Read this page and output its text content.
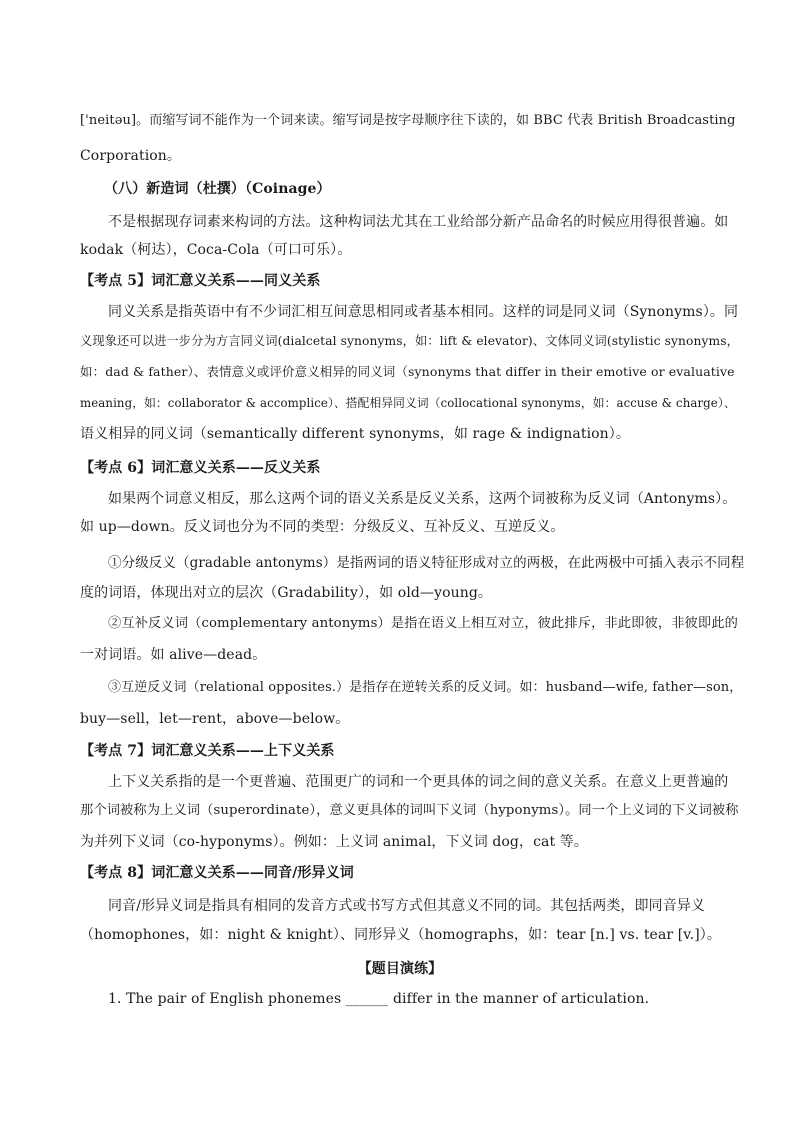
['neitəu]。而缩写词不能作为一个词来读。缩写词是按字母顺序往下读的，如 BBC 代表 British Broadcasting
Corporation。
（八）新造词（杜撰）（Coinage）
不是根据现存词素来构词的方法。这种构词法尤其在工业给部分新产品命名的时候应用得很普遍。如
kodak（柯达），Coca-Cola（可口可乐）。
【考点 5】词汇意义关系——同义关系
同义关系是指英语中有不少词汇相互间意思相同或者基本相同。这样的词是同义词（Synonyms）。同
义现象还可以进一步分为方言同义词(dialcetal synonyms，如：lift & elevator)、文体同义词(stylistic synonyms，
如：dad & father）、表情意义或评价意义相异的同义词（synonyms that differ in their emotive or evaluative
meaning，如：collaborator & accomplice）、搭配相异同义词（collocational synonyms，如：accuse & charge）、
语义相异的同义词（semantically different synonyms，如 rage & indignation）。
【考点 6】词汇意义关系——反义关系
如果两个词意义相反，那么这两个词的语义关系是反义关系，这两个词被称为反义词（Antonyms）。
如 up—down。反义词也分为不同的类型：分级反义、互补反义、互逆反义。
①分级反义（gradable antonyms）是指两词的语义特征形成对立的两极，在此两极中可插入表示不同程
度的词语，体现出对立的层次（Gradability），如 old—young。
②互补反义词（complementary antonyms）是指在语义上相互对立，彼此排斥，非此即彼，非彼即此的
一对词语。如 alive—dead。
③互逆反义词（relational opposites.）是指存在逆转关系的反义词。如：husband—wife, father—son，
buy—sell，let—rent，above—below。
【考点 7】词汇意义关系——上下义关系
上下义关系指的是一个更普遍、范围更广的词和一个更具体的词之间的意义关系。在意义上更普遍的
那个词被称为上义词（superordinate），意义更具体的词叫下义词（hyponyms）。同一个上义词的下义词被称
为并列下义词（co-hyponyms）。例如：上义词 animal，下义词 dog，cat 等。
【考点 8】词汇意义关系——同音/形异义词
同音/形异义词是指具有相同的发音方式或书写方式但其意义不同的词。其包括两类，即同音异义
（homophones，如：night & knight）、同形异义（homographs，如：tear [n.] vs. tear [v.]）。
【题目演练】
1. The pair of English phonemes ______ differ in the manner of articulation.
